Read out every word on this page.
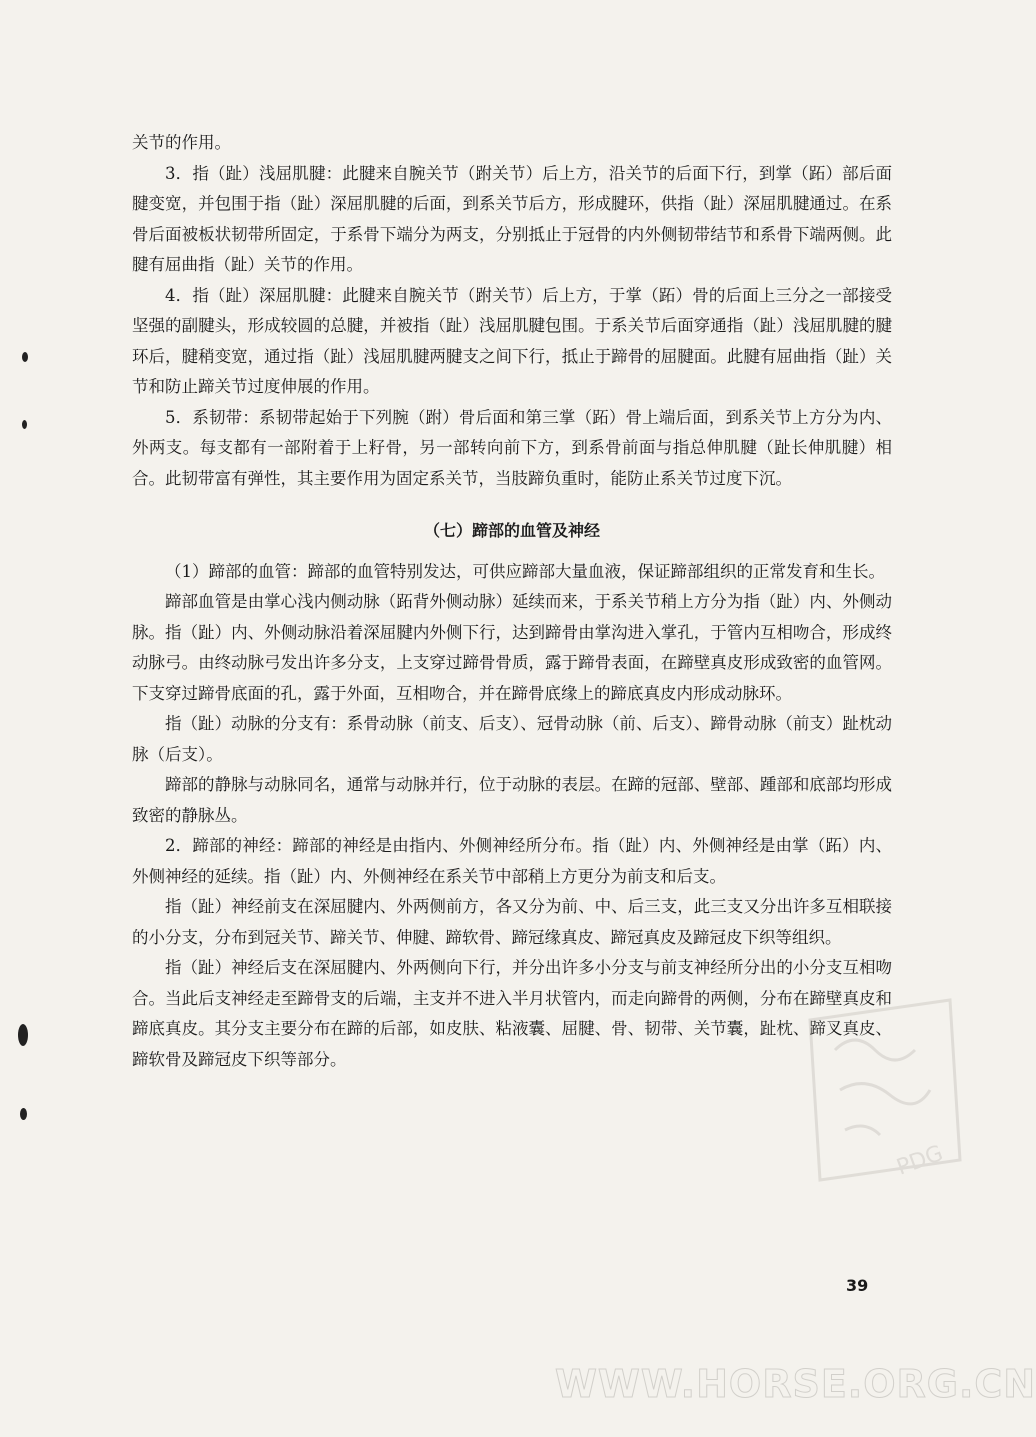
关节的作用。

3．指（趾）浅屈肌腱：此腱来自腕关节（跗关节）后上方，沿关节的后面下行，到掌（跖）部后面腱变宽，并包围于指（趾）深屈肌腱的后面，到系关节后方，形成腱环，供指（趾）深屈肌腱通过。在系骨后面被板状韧带所固定，于系骨下端分为两支，分别抵止于冠骨的内外侧韧带结节和系骨下端两侧。此腱有屈曲指（趾）关节的作用。

4．指（趾）深屈肌腱：此腱来自腕关节（跗关节）后上方，于掌（跖）骨的后面上三分之一部接受坚强的副腱头，形成较圆的总腱，并被指（趾）浅屈肌腱包围。于系关节后面穿通指（趾）浅屈肌腱的腱环后，腱稍变宽，通过指（趾）浅屈肌腱两腱支之间下行，抵止于蹄骨的屈腱面。此腱有屈曲指（趾）关节和防止蹄关节过度伸展的作用。

5．系韧带：系韧带起始于下列腕（跗）骨后面和第三掌（跖）骨上端后面，到系关节上方分为内、外两支。每支都有一部附着于上籽骨，另一部转向前下方，到系骨前面与指总伸肌腱（趾长伸肌腱）相合。此韧带富有弹性，其主要作用为固定系关节，当肢蹄负重时，能防止系关节过度下沉。

（七）蹄部的血管及神经

（1）蹄部的血管：蹄部的血管特别发达，可供应蹄部大量血液，保证蹄部组织的正常发育和生长。

蹄部血管是由掌心浅内侧动脉（跖背外侧动脉）延续而来，于系关节稍上方分为指（趾）内、外侧动脉。指（趾）内、外侧动脉沿着深屈腱内外侧下行，达到蹄骨由掌沟进入掌孔，于管内互相吻合，形成终动脉弓。由终动脉弓发出许多分支，上支穿过蹄骨骨质，露于蹄骨表面，在蹄壁真皮形成致密的血管网。下支穿过蹄骨底面的孔，露于外面，互相吻合，并在蹄骨底缘上的蹄底真皮内形成动脉环。

指（趾）动脉的分支有：系骨动脉（前支、后支）、冠骨动脉（前、后支）、蹄骨动脉（前支）趾枕动脉（后支）。

蹄部的静脉与动脉同名，通常与动脉并行，位于动脉的表层。在蹄的冠部、壁部、踵部和底部均形成致密的静脉丛。

2．蹄部的神经：蹄部的神经是由指内、外侧神经所分布。指（趾）内、外侧神经是由掌（跖）内、外侧神经的延续。指（趾）内、外侧神经在系关节中部稍上方更分为前支和后支。

指（趾）神经前支在深屈腱内、外两侧前方，各又分为前、中、后三支，此三支又分出许多互相联接的小分支，分布到冠关节、蹄关节、伸腱、蹄软骨、蹄冠缘真皮、蹄冠真皮及蹄冠皮下织等组织。

指（趾）神经后支在深屈腱内、外两侧向下行，并分出许多小分支与前支神经所分出的小分支互相吻合。当此后支神经走至蹄骨支的后端，主支并不进入半月状管内，而走向蹄骨的两侧，分布在蹄壁真皮和蹄底真皮。其分支主要分布在蹄的后部，如皮肤、粘液囊、屈腱、骨、韧带、关节囊，趾枕、蹄叉真皮、蹄软骨及蹄冠皮下织等部分。

39
PDG
WWW.HORSE.ORG.CN
